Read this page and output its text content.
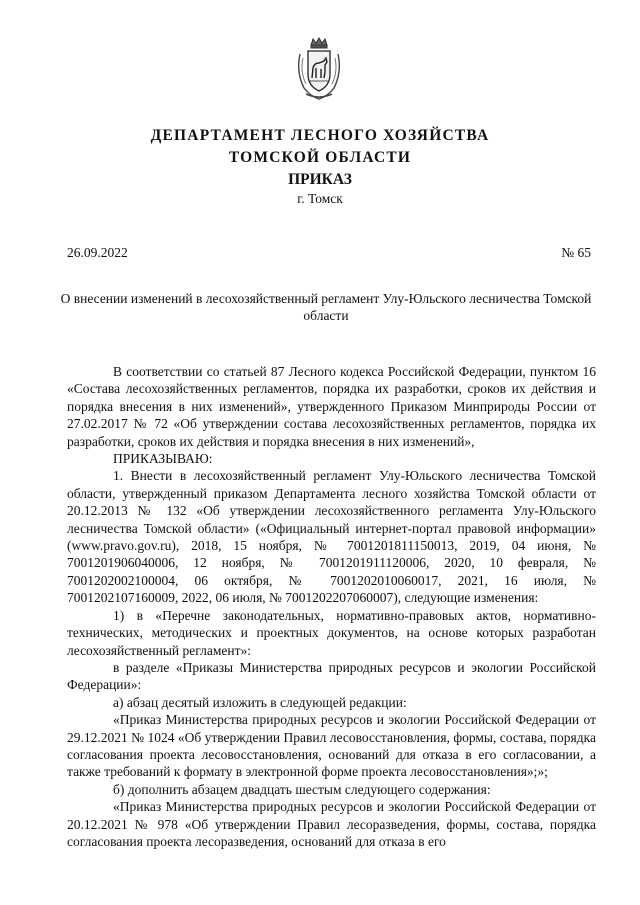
ДЕПАРТАМЕНТ ЛЕСНОГО ХОЗЯЙСТВА
ТОМСКОЙ ОБЛАСТИ
ПРИКАЗ
г. Томск
26.09.2022	№ 65
О внесении изменений в лесохозяйственный регламент Улу-Юльского лесничества Томской области

В соответствии со статьей 87 Лесного кодекса Российской Федерации, пунктом 16 «Состава лесохозяйственных регламентов, порядка их разработки, сроков их действия и порядка внесения в них изменений», утвержденного Приказом Минприроды России от 27.02.2017 № 72 «Об утверждении состава лесохозяйственных регламентов, порядка их разработки, сроков их действия и порядка внесения в них изменений»,

ПРИКАЗЫВАЮ:

1. Внести в лесохозяйственный регламент Улу-Юльского лесничества Томской области, утвержденный приказом Департамента лесного хозяйства Томской области от 20.12.2013 № 132 «Об утверждении лесохозяйственного регламента Улу-Юльского лесничества Томской области» («Официальный интернет-портал правовой информации» (www.pravo.gov.ru), 2018, 15 ноября, № 7001201811150013, 2019, 04 июня, № 7001201906040006, 12 ноября, № 7001201911120006, 2020, 10 февраля, № 7001202002100004, 06 октября, № 7001202010060017, 2021, 16 июля, № 7001202107160009, 2022, 06 июля, № 7001202207060007), следующие изменения:

1) в «Перечне законодательных, нормативно-правовых актов, нормативно-технических, методических и проектных документов, на основе которых разработан лесохозяйственный регламент»:

в разделе «Приказы Министерства природных ресурсов и экологии Российской Федерации»:

а) абзац десятый изложить в следующей редакции:

«Приказ Министерства природных ресурсов и экологии Российской Федерации от 29.12.2021 № 1024 «Об утверждении Правил лесовосстановления, формы, состава, порядка согласования проекта лесовосстановления, оснований для отказа в его согласовании, а также требований к формату в электронной форме проекта лесовосстановления»;»;

б) дополнить абзацем двадцать шестым следующего содержания:

«Приказ Министерства природных ресурсов и экологии Российской Федерации от 20.12.2021 № 978 «Об утверждении Правил лесоразведения, формы, состава, порядка согласования проекта лесоразведения, оснований для отказа в его
